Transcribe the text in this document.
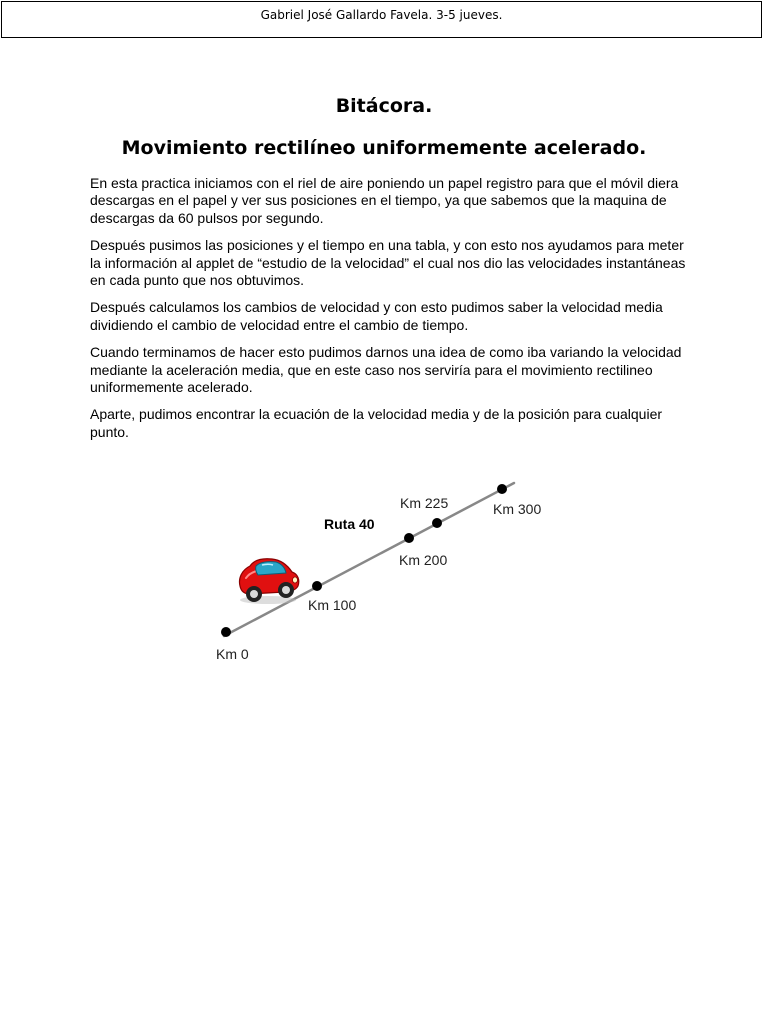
Gabriel José Gallardo Favela. 3-5 jueves.
Bitácora.
Movimiento rectilíneo uniformemente acelerado.

En esta practica iniciamos con el riel de aire poniendo un papel registro para que el móvil diera descargas en el papel y ver sus posiciones en el tiempo, ya que sabemos que la maquina de descargas da 60 pulsos por segundo.

Después pusimos las posiciones y el tiempo en una tabla, y con esto nos ayudamos para meter la información al applet de “estudio de la velocidad” el cual nos dio las velocidades instantáneas en cada punto que nos obtuvimos.

Después calculamos los cambios de velocidad y con esto pudimos saber la velocidad media dividiendo el cambio de velocidad entre el cambio de tiempo.

Cuando terminamos de hacer esto pudimos darnos una idea de como iba variando la velocidad mediante la aceleración media, que en este caso nos serviría para el movimiento rectilineo uniformemente acelerado.

Aparte, pudimos encontrar la ecuación de la velocidad media y de la posición para cualquier punto.

Ruta 40
Km 0
Km 100
Km 200
Km 225	Km 300
